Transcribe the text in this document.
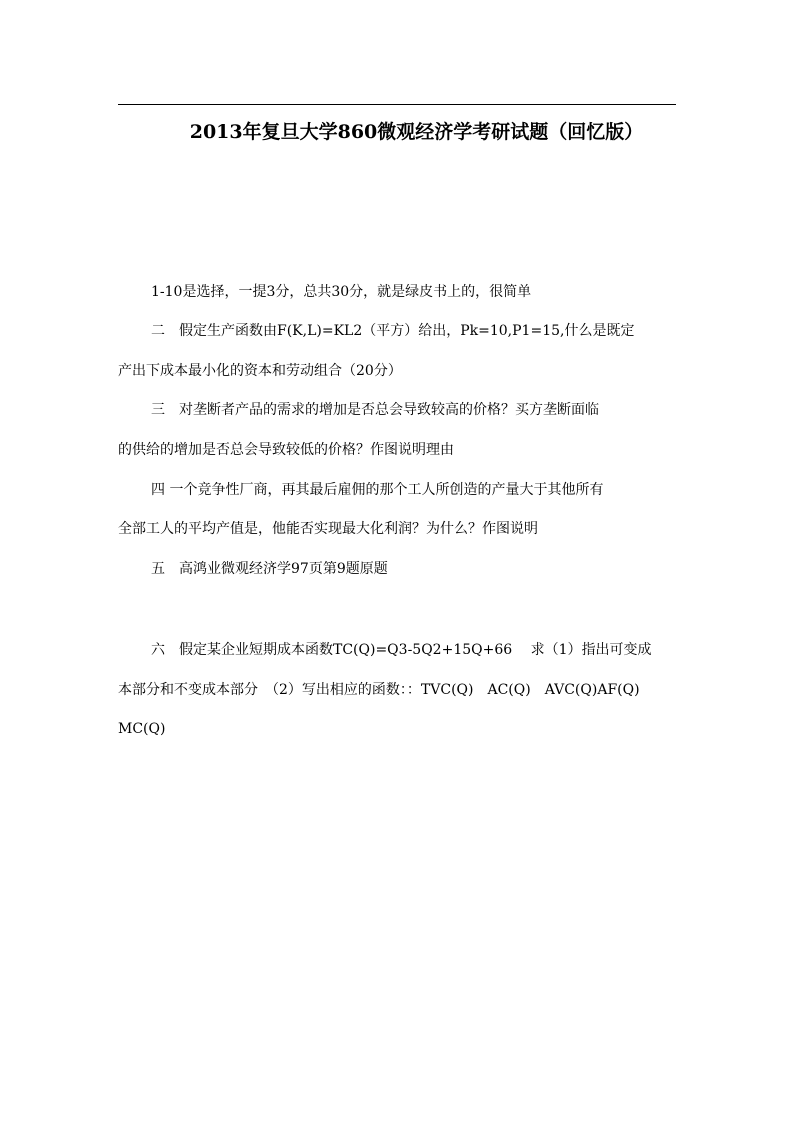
2013年复旦大学860微观经济学考研试题（回忆版）
1-10是选择，一提3分，总共30分，就是绿皮书上的，很简单
二　假定生产函数由F(K,L)=KL2（平方）给出，Pk=10,P1=15,什么是既定
产出下成本最小化的资本和劳动组合（20分）
三　对垄断者产品的需求的增加是否总会导致较高的价格？买方垄断面临
的供给的增加是否总会导致较低的价格？作图说明理由
四 一个竞争性厂商，再其最后雇佣的那个工人所创造的产量大于其他所有
全部工人的平均产值是，他能否实现最大化利润？为什么？作图说明
五　高鸿业微观经济学97页第9题原题
六　假定某企业短期成本函数TC(Q)=Q3-5Q2+15Q+66　 求（1）指出可变成
本部分和不变成本部分　（2）写出相应的函数：：TVC(Q)　AC(Q)　AVC(Q)AF(Q)
MC(Q)
